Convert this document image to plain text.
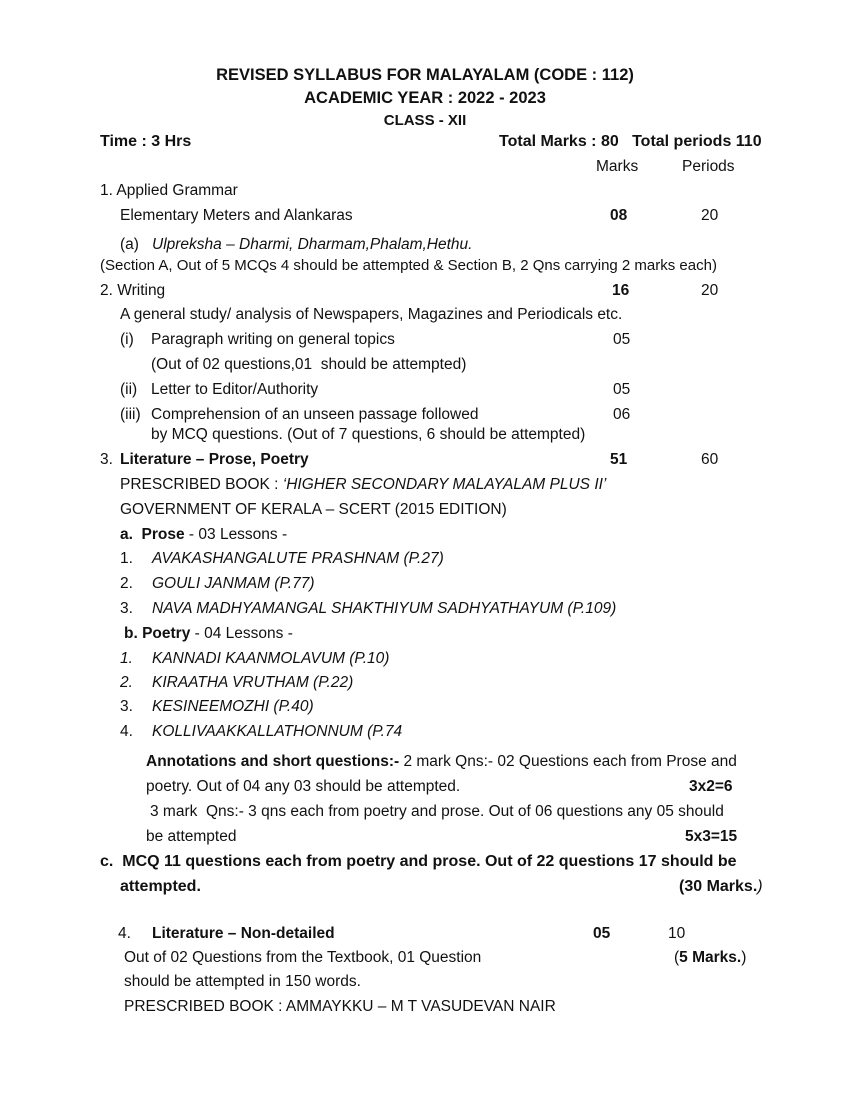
REVISED SYLLABUS FOR MALAYALAM (CODE : 112)
ACADEMIC YEAR : 2022 - 2023
CLASS - XII
Time : 3 Hrs	Total Marks : 80   Total periods 110
Marks	Periods
1. Applied Grammar
Elementary Meters and Alankaras	08	20
(a) Ulpreksha – Dharmi, Dharmam,Phalam,Hethu.
(Section A, Out of 5 MCQs 4 should be attempted & Section B, 2 Qns carrying 2 marks each)
2. Writing	16	20
A general study/ analysis of Newspapers, Magazines and Periodicals etc.
(i) Paragraph writing on general topics	05
(Out of 02 questions,01  should be attempted)
(ii) Letter to Editor/Authority	05
(iii) Comprehension of an unseen passage followed	06
by MCQ questions. (Out of 7 questions, 6 should be attempted)
3. Literature – Prose, Poetry	51	60
PRESCRIBED BOOK : ‘HIGHER SECONDARY MALAYALAM PLUS II’
GOVERNMENT OF KERALA – SCERT (2015 EDITION)
a.  Prose - 03 Lessons -
1. AVAKASHANGALUTE PRASHNAM (P.27)
2. GOULI JANMAM (P.77)
3. NAVA MADHYAMANGAL SHAKTHIYUM SADHYATHAYUM (P.109)
b. Poetry - 04 Lessons -
1. KANNADI KAANMOLAVUM (P.10)
2. KIRAATHA VRUTHAM (P.22)
3. KESINEEMOZHI (P.40)
4. KOLLIVAAKKALLATHONNUM (P.74
Annotations and short questions:- 2 mark Qns:- 02 Questions each from Prose and
poetry. Out of 04 any 03 should be attempted.	3x2=6
3 mark  Qns:- 3 qns each from poetry and prose. Out of 06 questions any 05 should
be attempted	5x3=15
c.  MCQ 11 questions each from poetry and prose. Out of 22 questions 17 should be
attempted.	(30 Marks.)
4. Literature – Non-detailed	05	10
Out of 02 Questions from the Textbook, 01 Question	(5 Marks.)
should be attempted in 150 words.
PRESCRIBED BOOK : AMMAYKKU – M T VASUDEVAN NAIR
